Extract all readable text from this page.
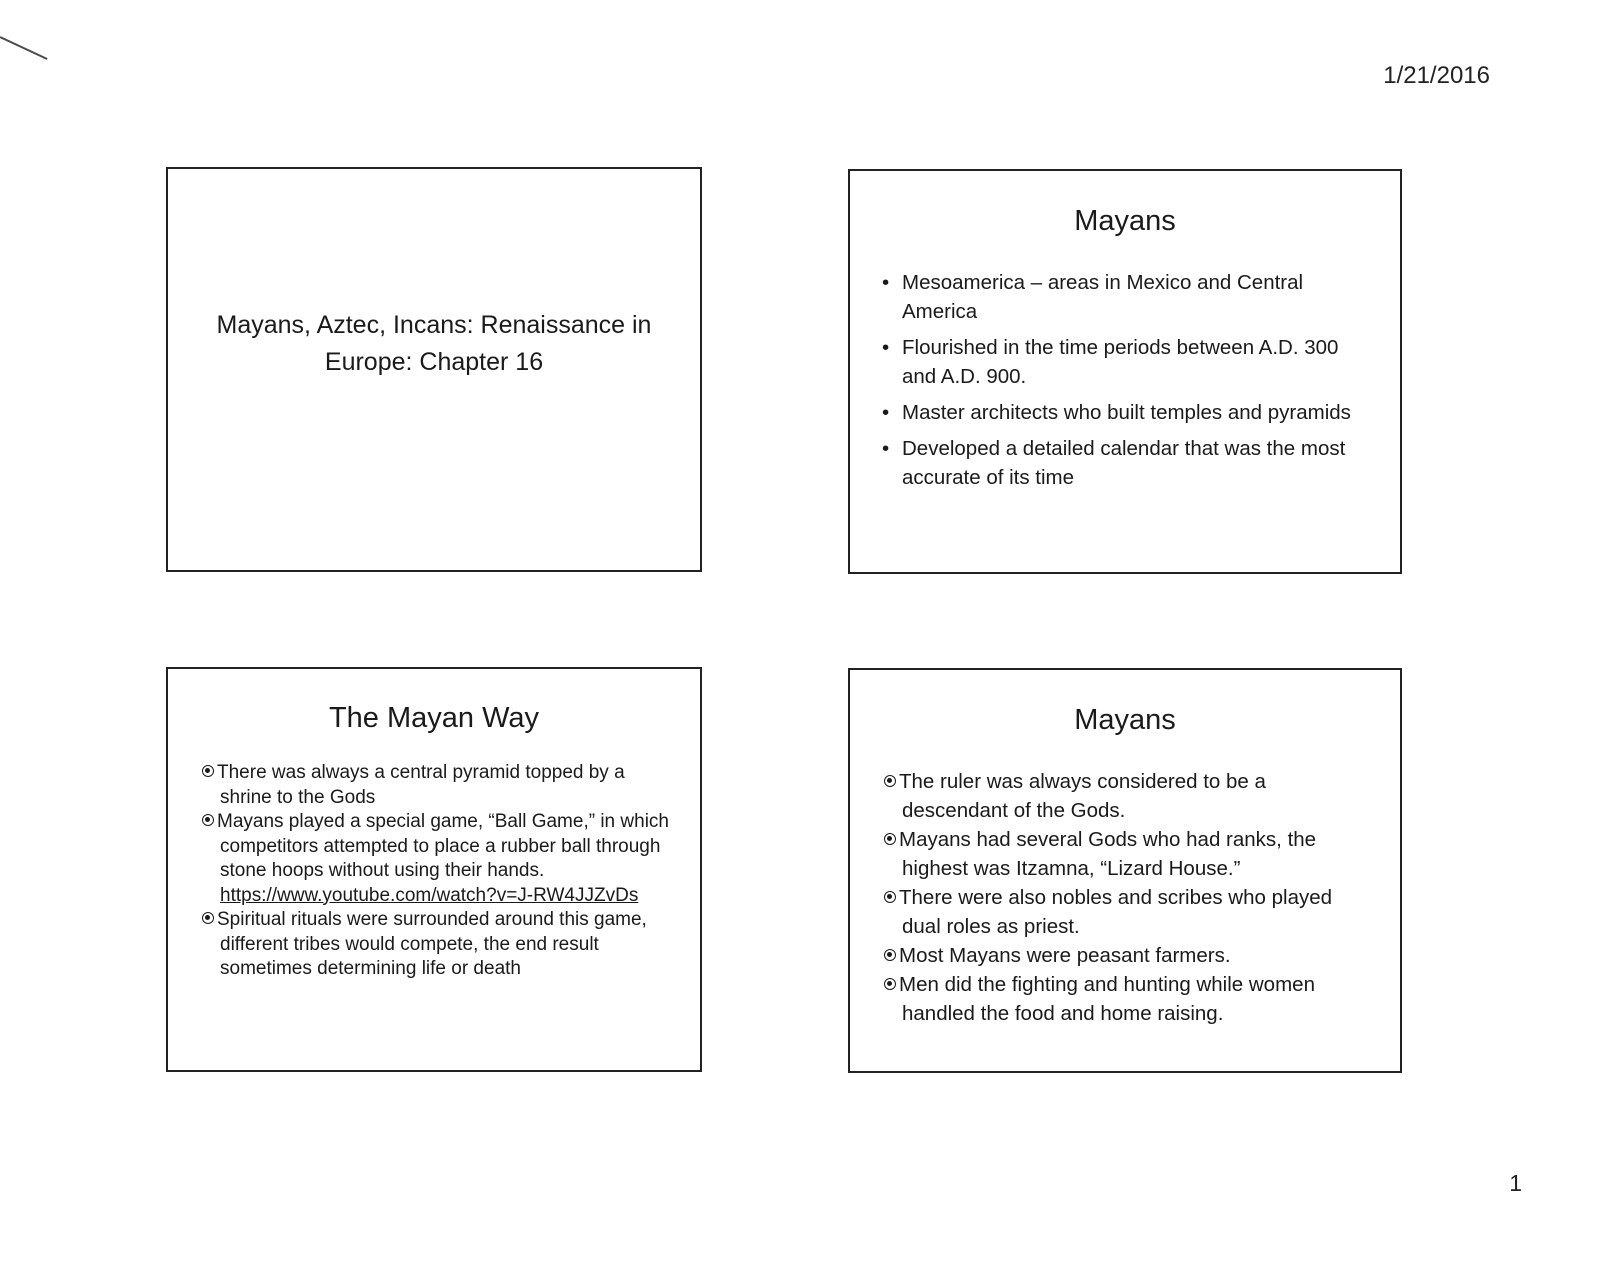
1/21/2016
Mayans, Aztec, Incans: Renaissance in Europe: Chapter 16
Mayans
• Mesoamerica – areas in Mexico and Central America
• Flourished in the time periods between A.D. 300 and A.D. 900.
• Master architects who built temples and pyramids
• Developed a detailed calendar that was the most accurate of its time
The Mayan Way
There was always a central pyramid topped by a shrine to the Gods
Mayans played a special game, “Ball Game,” in which competitors attempted to place a rubber ball through stone hoops without using their hands. https://www.youtube.com/watch?v=J-RW4JJZvDs
Spiritual rituals were surrounded around this game, different tribes would compete, the end result sometimes determining life or death
Mayans
The ruler was always considered to be a descendant of the Gods.
Mayans had several Gods who had ranks, the highest was Itzamna, “Lizard House.”
There were also nobles and scribes who played dual roles as priest.
Most Mayans were peasant farmers.
Men did the fighting and hunting while women handled the food and home raising.
1
